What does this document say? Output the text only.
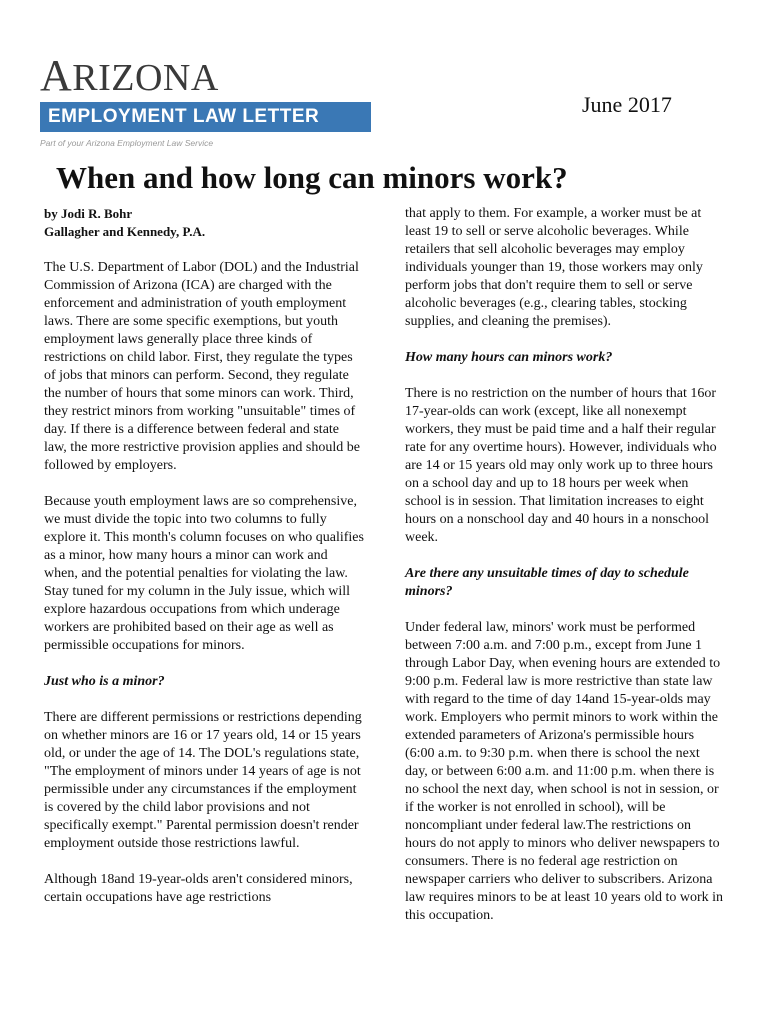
ARIZONA
EMPLOYMENT LAW LETTER
Part of your Arizona Employment Law Service
June 2017
When and how long can minors work?

by Jodi R. Bohr
Gallagher and Kennedy, P.A.

The U.S. Department of Labor (DOL) and the Industrial Commission of Arizona (ICA) are charged with the enforcement and administration of youth employment laws. There are some specific exemptions, but youth employment laws generally place three kinds of restrictions on child labor. First, they regulate the types of jobs that minors can perform. Second, they regulate the number of hours that some minors can work. Third, they restrict minors from working "unsuitable" times of day. If there is a difference between federal and state law, the more restrictive provision applies and should be followed by employers.

Because youth employment laws are so comprehensive, we must divide the topic into two columns to fully explore it. This month's column focuses on who qualifies as a minor, how many hours a minor can work and when, and the potential penalties for violating the law. Stay tuned for my column in the July issue, which will explore hazardous occupations from which underage workers are prohibited based on their age as well as permissible occupations for minors.

Just who is a minor?

There are different permissions or restrictions depending on whether minors are 16 or 17 years old, 14 or 15 years old, or under the age of 14. The DOL's regulations state, "The employment of minors under 14 years of age is not permissible under any circumstances if the employment is covered by the child labor provisions and not specifically exempt." Parental permission doesn't render employment outside those restrictions lawful.

Although 18and 19-year-olds aren't considered minors, certain occupations have age restrictions

that apply to them. For example, a worker must be at least 19 to sell or serve alcoholic beverages. While retailers that sell alcoholic beverages may employ individuals younger than 19, those workers may only perform jobs that don't require them to sell or serve alcoholic beverages (e.g., clearing tables, stocking supplies, and cleaning the premises).

How many hours can minors work?

There is no restriction on the number of hours that 16or 17-year-olds can work (except, like all nonexempt workers, they must be paid time and a half their regular rate for any overtime hours). However, individuals who are 14 or 15 years old may only work up to three hours on a school day and up to 18 hours per week when school is in session. That limitation increases to eight hours on a nonschool day and 40 hours in a nonschool week.

Are there any unsuitable times of day to schedule minors?

Under federal law, minors' work must be performed between 7:00 a.m. and 7:00 p.m., except from June 1 through Labor Day, when evening hours are extended to 9:00 p.m. Federal law is more restrictive than state law with regard to the time of day 14and 15-year-olds may work. Employers who permit minors to work within the extended parameters of Arizona's permissible hours (6:00 a.m. to 9:30 p.m. when there is school the next day, or between 6:00 a.m. and 11:00 p.m. when there is no school the next day, when school is not in session, or if the worker is not enrolled in school), will be noncompliant under federal law.The restrictions on hours do not apply to minors who deliver newspapers to consumers. There is no federal age restriction on newspaper carriers who deliver to subscribers. Arizona law requires minors to be at least 10 years old to work in this occupation.
